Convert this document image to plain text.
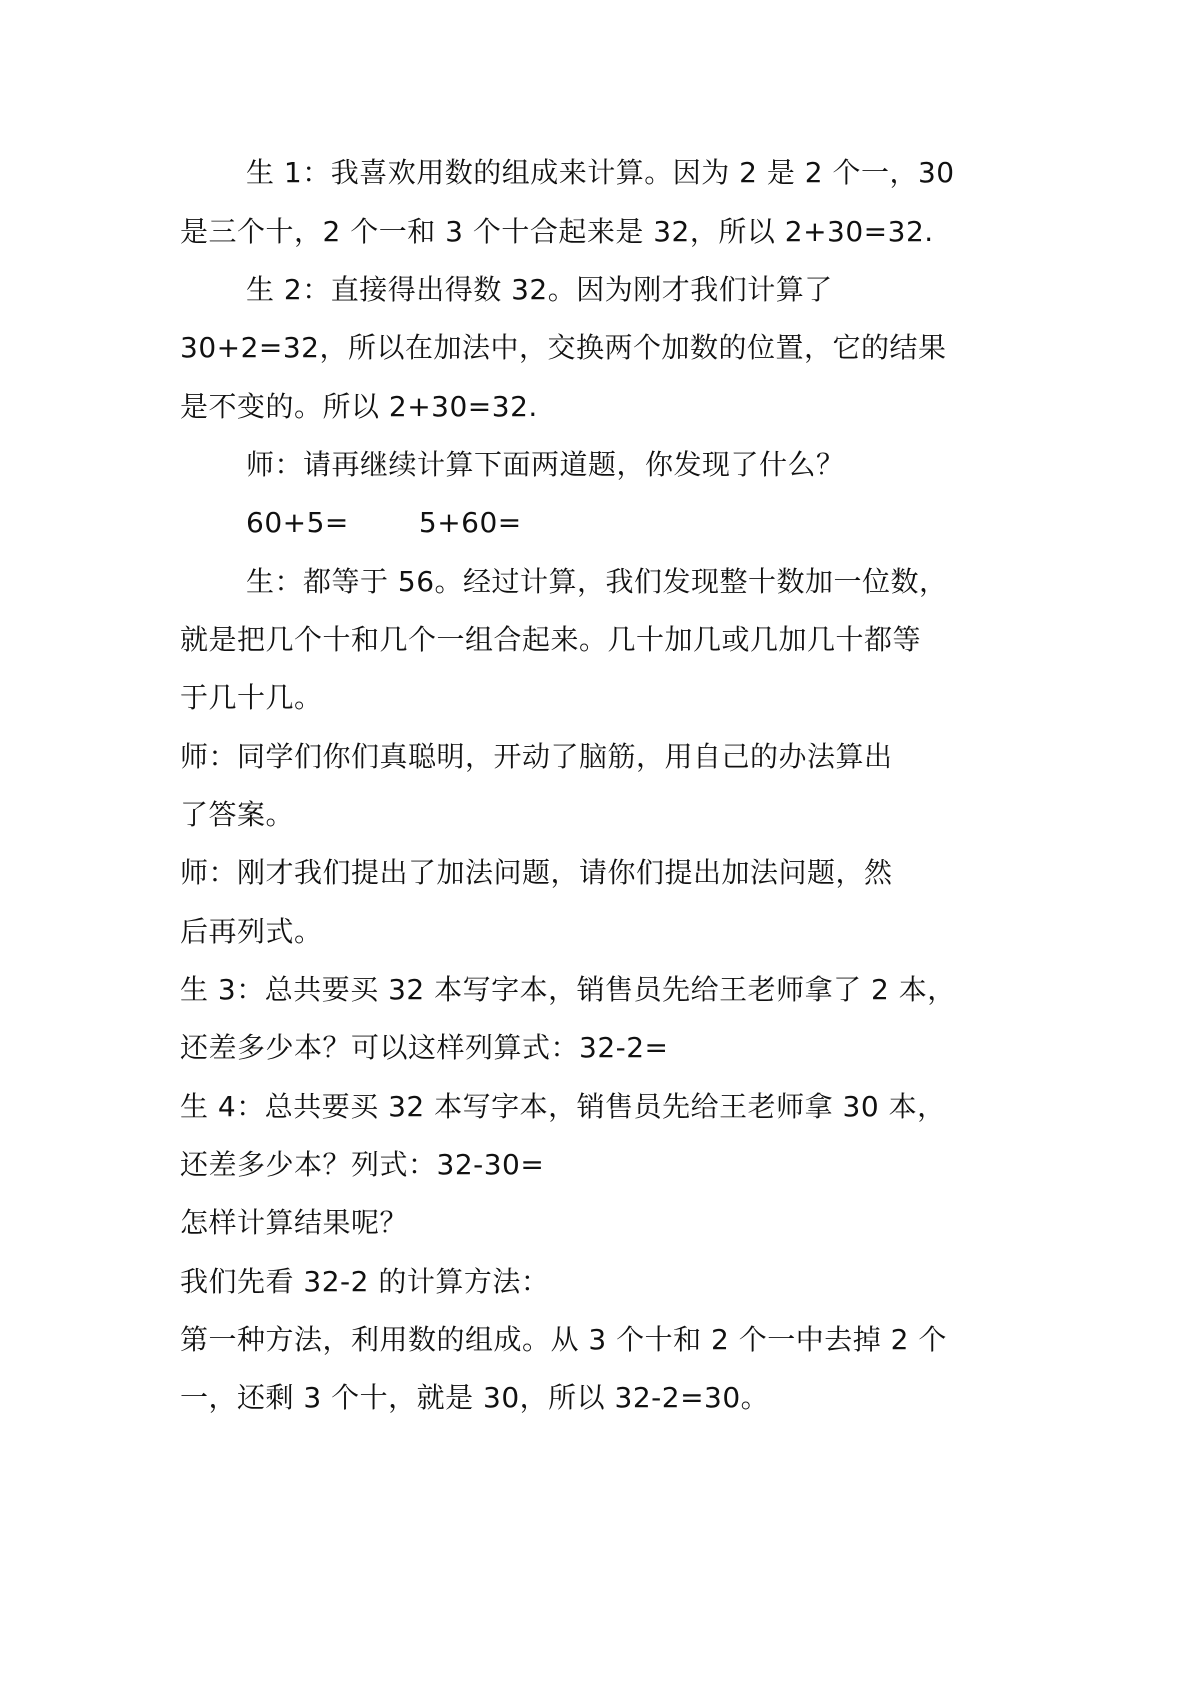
生 1：我喜欢用数的组成来计算。因为 2 是 2 个一，30
是三个十，2 个一和 3 个十合起来是 32，所以 2+30=32.
生 2：直接得出得数 32。因为刚才我们计算了
30+2=32，所以在加法中，交换两个加数的位置，它的结果
是不变的。所以 2+30=32.
师：请再继续计算下面两道题，你发现了什么？
60+5=	5+60=
生：都等于 56。经过计算，我们发现整十数加一位数，
就是把几个十和几个一组合起来。几十加几或几加几十都等
于几十几。
师：同学们你们真聪明，开动了脑筋，用自己的办法算出
了答案。
师：刚才我们提出了加法问题，请你们提出加法问题，然
后再列式。
生 3：总共要买 32 本写字本，销售员先给王老师拿了 2 本，
还差多少本？可以这样列算式：32-2=
生 4：总共要买 32 本写字本，销售员先给王老师拿 30 本，
还差多少本？列式：32-30=
怎样计算结果呢？
我们先看 32-2 的计算方法：
第一种方法，利用数的组成。从 3 个十和 2 个一中去掉 2 个
一，还剩 3 个十，就是 30，所以 32-2=30。
